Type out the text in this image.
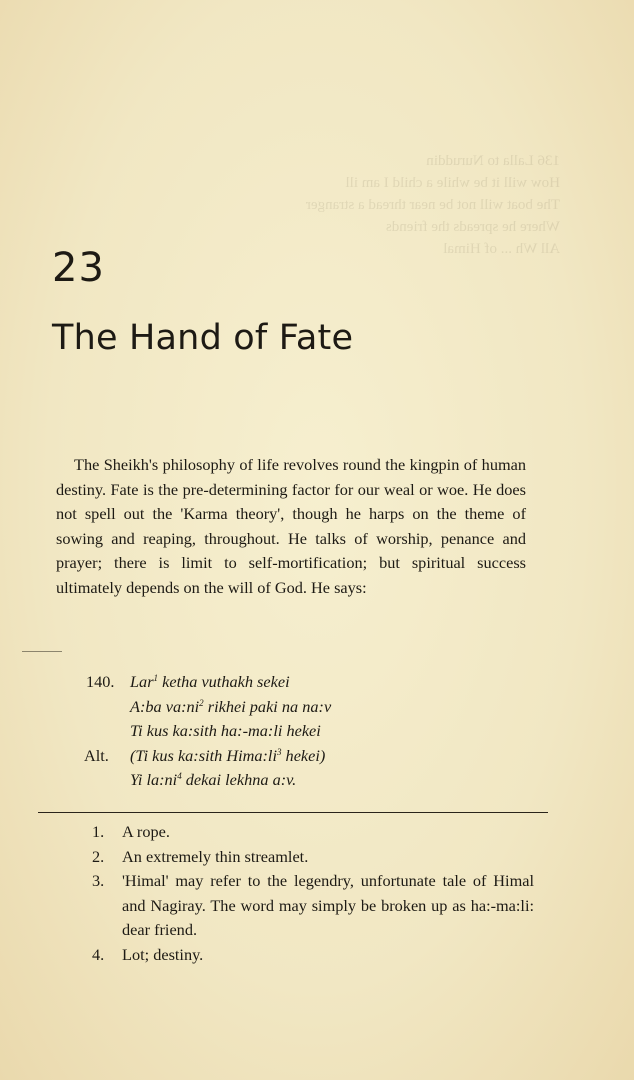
136 Lalla to Nuruddin
How will it be while a child I am ill
The boat will not be near thread a stranger
Where he spreads the friends
All Wh ... of Himal
23
The Hand of Fate

The Sheikh's philosophy of life revolves round the kingpin of human destiny. Fate is the pre-determining factor for our weal or woe. He does not spell out the 'Karma theory', though he harps on the theme of sowing and reaping, throughout. He talks of worship, penance and prayer; there is limit to self-mortification; but spiritual success ultimately depends on the will of God. He says:

140. Lar$^1$ ketha vuthakh sekei
A:ba $va:ni^2$ rikhei paki na na:v
Ti kus ka:sith ha:-ma:li hekei
Alt.	(Ti kus ka:sith $Hima:li^3$ hekei)
Yi $la:ni^4$ dekai lekhna a:v.
1.	A rope.
2.	An extremely thin streamlet.
3.	'Himal' may refer to the legendry, unfortunate tale of Himal and Nagiray. The word may simply be broken up as ha:-ma:li: dear friend.
4.	Lot; destiny.
